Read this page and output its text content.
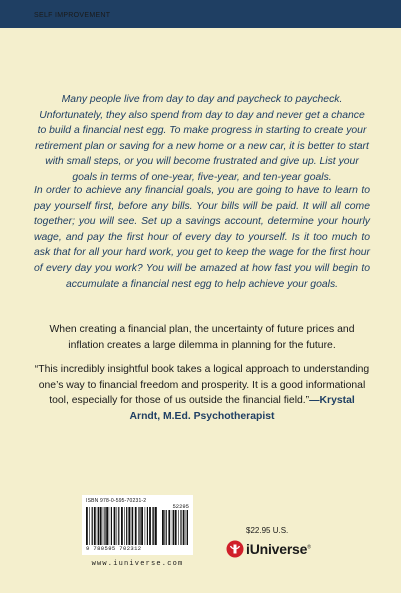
SELF IMPROVEMENT
Many people live from day to day and paycheck to paycheck. Unfortunately, they also spend from day to day and never get a chance to build a financial nest egg. To make progress in starting to create your retirement plan or saving for a new home or a new car, it is better to start with small steps, or you will become frustrated and give up. List your goals in terms of one-year, five-year, and ten-year goals.
In order to achieve any financial goals, you are going to have to learn to pay yourself first, before any bills. Your bills will be paid. It will all come together; you will see. Set up a savings account, determine your hourly wage, and pay the first hour of every day to yourself. Is it too much to ask that for all your hard work, you get to keep the wage for the first hour of every day you work? You will be amazed at how fast you will begin to accumulate a financial nest egg to help achieve your goals.
When creating a financial plan, the uncertainty of future prices and inflation creates a large dilemma in planning for the future.
“This incredibly insightful book takes a logical approach to understanding one’s way to financial freedom and prosperity. It is a good informational tool, especially for those of us outside the financial field.”—Krystal Arndt, M.Ed. Psychotherapist
ISBN 978-0-595-70231-2
52295
9 780595 702312
www.iuniverse.com
$22.95 U.S.
iUniverse®
